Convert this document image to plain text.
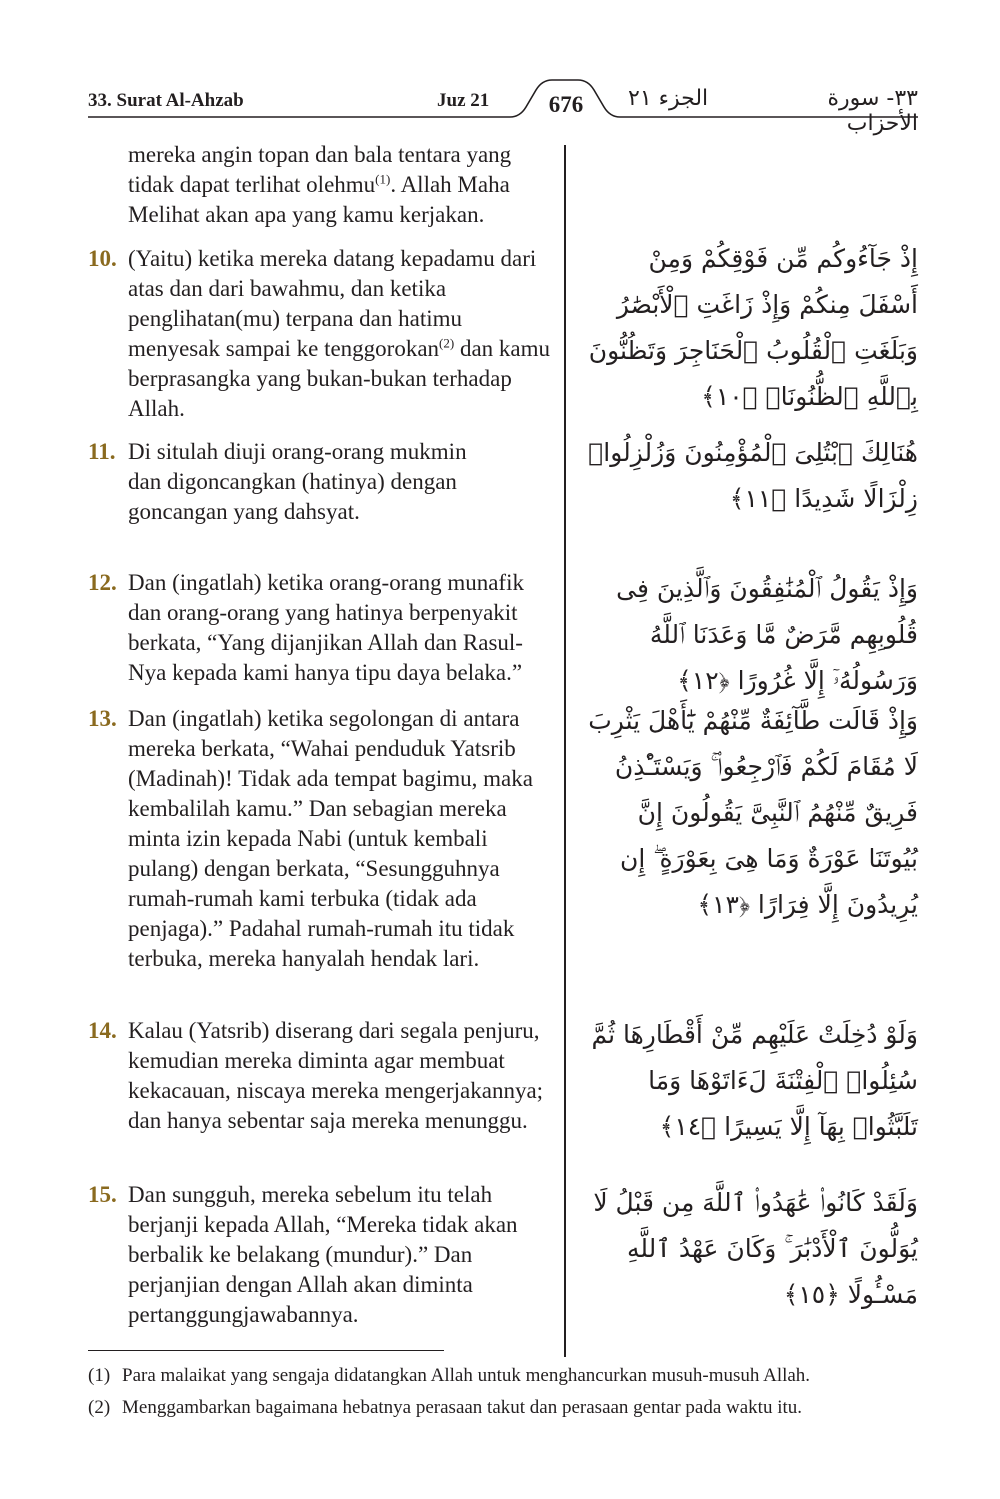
33. Surat Al-Ahzab	Juz 21	676	الجزء ٢١	٣٣- سورة الأحزاب
mereka angin topan dan bala tentara yang tidak dapat terlihat olehmu$^{(1)}$. Allah Maha Melihat akan apa yang kamu kerjakan.
10. (Yaitu) ketika mereka datang kepadamu dari atas dan dari bawahmu, dan ketika penglihatan(mu) terpana dan hatimu menyesak sampai ke tenggorokan$^{(2)}$ dan kamu berprasangka yang bukan-bukan terhadap Allah.
إِذْ جَآءُوكُم مِّن فَوْقِكُمْ وَمِنْ أَسْفَلَ مِنكُمْ وَإِذْ زَاغَتِ ٱلْأَبْصَٰرُ وَبَلَغَتِ ٱلْقُلُوبُ ٱلْحَنَاجِرَ وَتَظُنُّونَ بِٱللَّهِ ٱلظُّنُونَا۠ ﴿١٠﴾
11. Di situlah diuji orang-orang mukmin dan digoncangkan (hatinya) dengan goncangan yang dahsyat.
هُنَالِكَ ٱبْتُلِىَ ٱلْمُؤْمِنُونَ وَزُلْزِلُوا۟ زِلْزَالًا شَدِيدًا ﴿١١﴾
12. Dan (ingatlah) ketika orang-orang munafik dan orang-orang yang hatinya berpenyakit berkata, “Yang dijanjikan Allah dan Rasul-Nya kepada kami hanya tipu daya belaka.”
وَإِذْ يَقُولُ ٱلْمُنَٰفِقُونَ وَٱلَّذِينَ فِى قُلُوبِهِم مَّرَضٌ مَّا وَعَدَنَا ٱللَّهُ وَرَسُولُهُۥٓ إِلَّا غُرُورًا ﴿١٢﴾
13. Dan (ingatlah) ketika segolongan di antara mereka berkata, “Wahai penduduk Yatsrib (Madinah)! Tidak ada tempat bagimu, maka kembalilah kamu.” Dan sebagian mereka minta izin kepada Nabi (untuk kembali pulang) dengan berkata, “Sesungguhnya rumah-rumah kami terbuka (tidak ada penjaga).” Padahal rumah-rumah itu tidak terbuka, mereka hanyalah hendak lari.
وَإِذْ قَالَت طَّآئِفَةٌ مِّنْهُمْ يَٰٓأَهْلَ يَثْرِبَ لَا مُقَامَ لَكُمْ فَٱرْجِعُوا۟ ۚ وَيَسْتَـْٔذِنُ فَرِيقٌ مِّنْهُمُ ٱلنَّبِىَّ يَقُولُونَ إِنَّ بُيُوتَنَا عَوْرَةٌ وَمَا هِىَ بِعَوْرَةٍ ۖ إِن يُرِيدُونَ إِلَّا فِرَارًا ﴿١٣﴾
14. Kalau (Yatsrib) diserang dari segala penjuru, kemudian mereka diminta agar membuat kekacauan, niscaya mereka mengerjakannya; dan hanya sebentar saja mereka menunggu.
وَلَوْ دُخِلَتْ عَلَيْهِم مِّنْ أَقْطَارِهَا ثُمَّ سُئِلُوا۟ ٱلْفِتْنَةَ لَءَاتَوْهَا وَمَا تَلَبَّثُوا۟ بِهَآ إِلَّا يَسِيرًا ﴿١٤﴾
15. Dan sungguh, mereka sebelum itu telah berjanji kepada Allah, “Mereka tidak akan berbalik ke belakang (mundur).” Dan perjanjian dengan Allah akan diminta pertanggungjawabannya.
وَلَقَدْ كَانُوا۟ عَٰهَدُوا۟ ٱللَّهَ مِن قَبْلُ لَا يُوَلُّونَ ٱلْأَدْبَٰرَ ۚ وَكَانَ عَهْدُ ٱللَّهِ مَسْـُٔولًا ﴿١٥﴾
(1) Para malaikat yang sengaja didatangkan Allah untuk menghancurkan musuh-musuh Allah.
(2) Menggambarkan bagaimana hebatnya perasaan takut dan perasaan gentar pada waktu itu.
